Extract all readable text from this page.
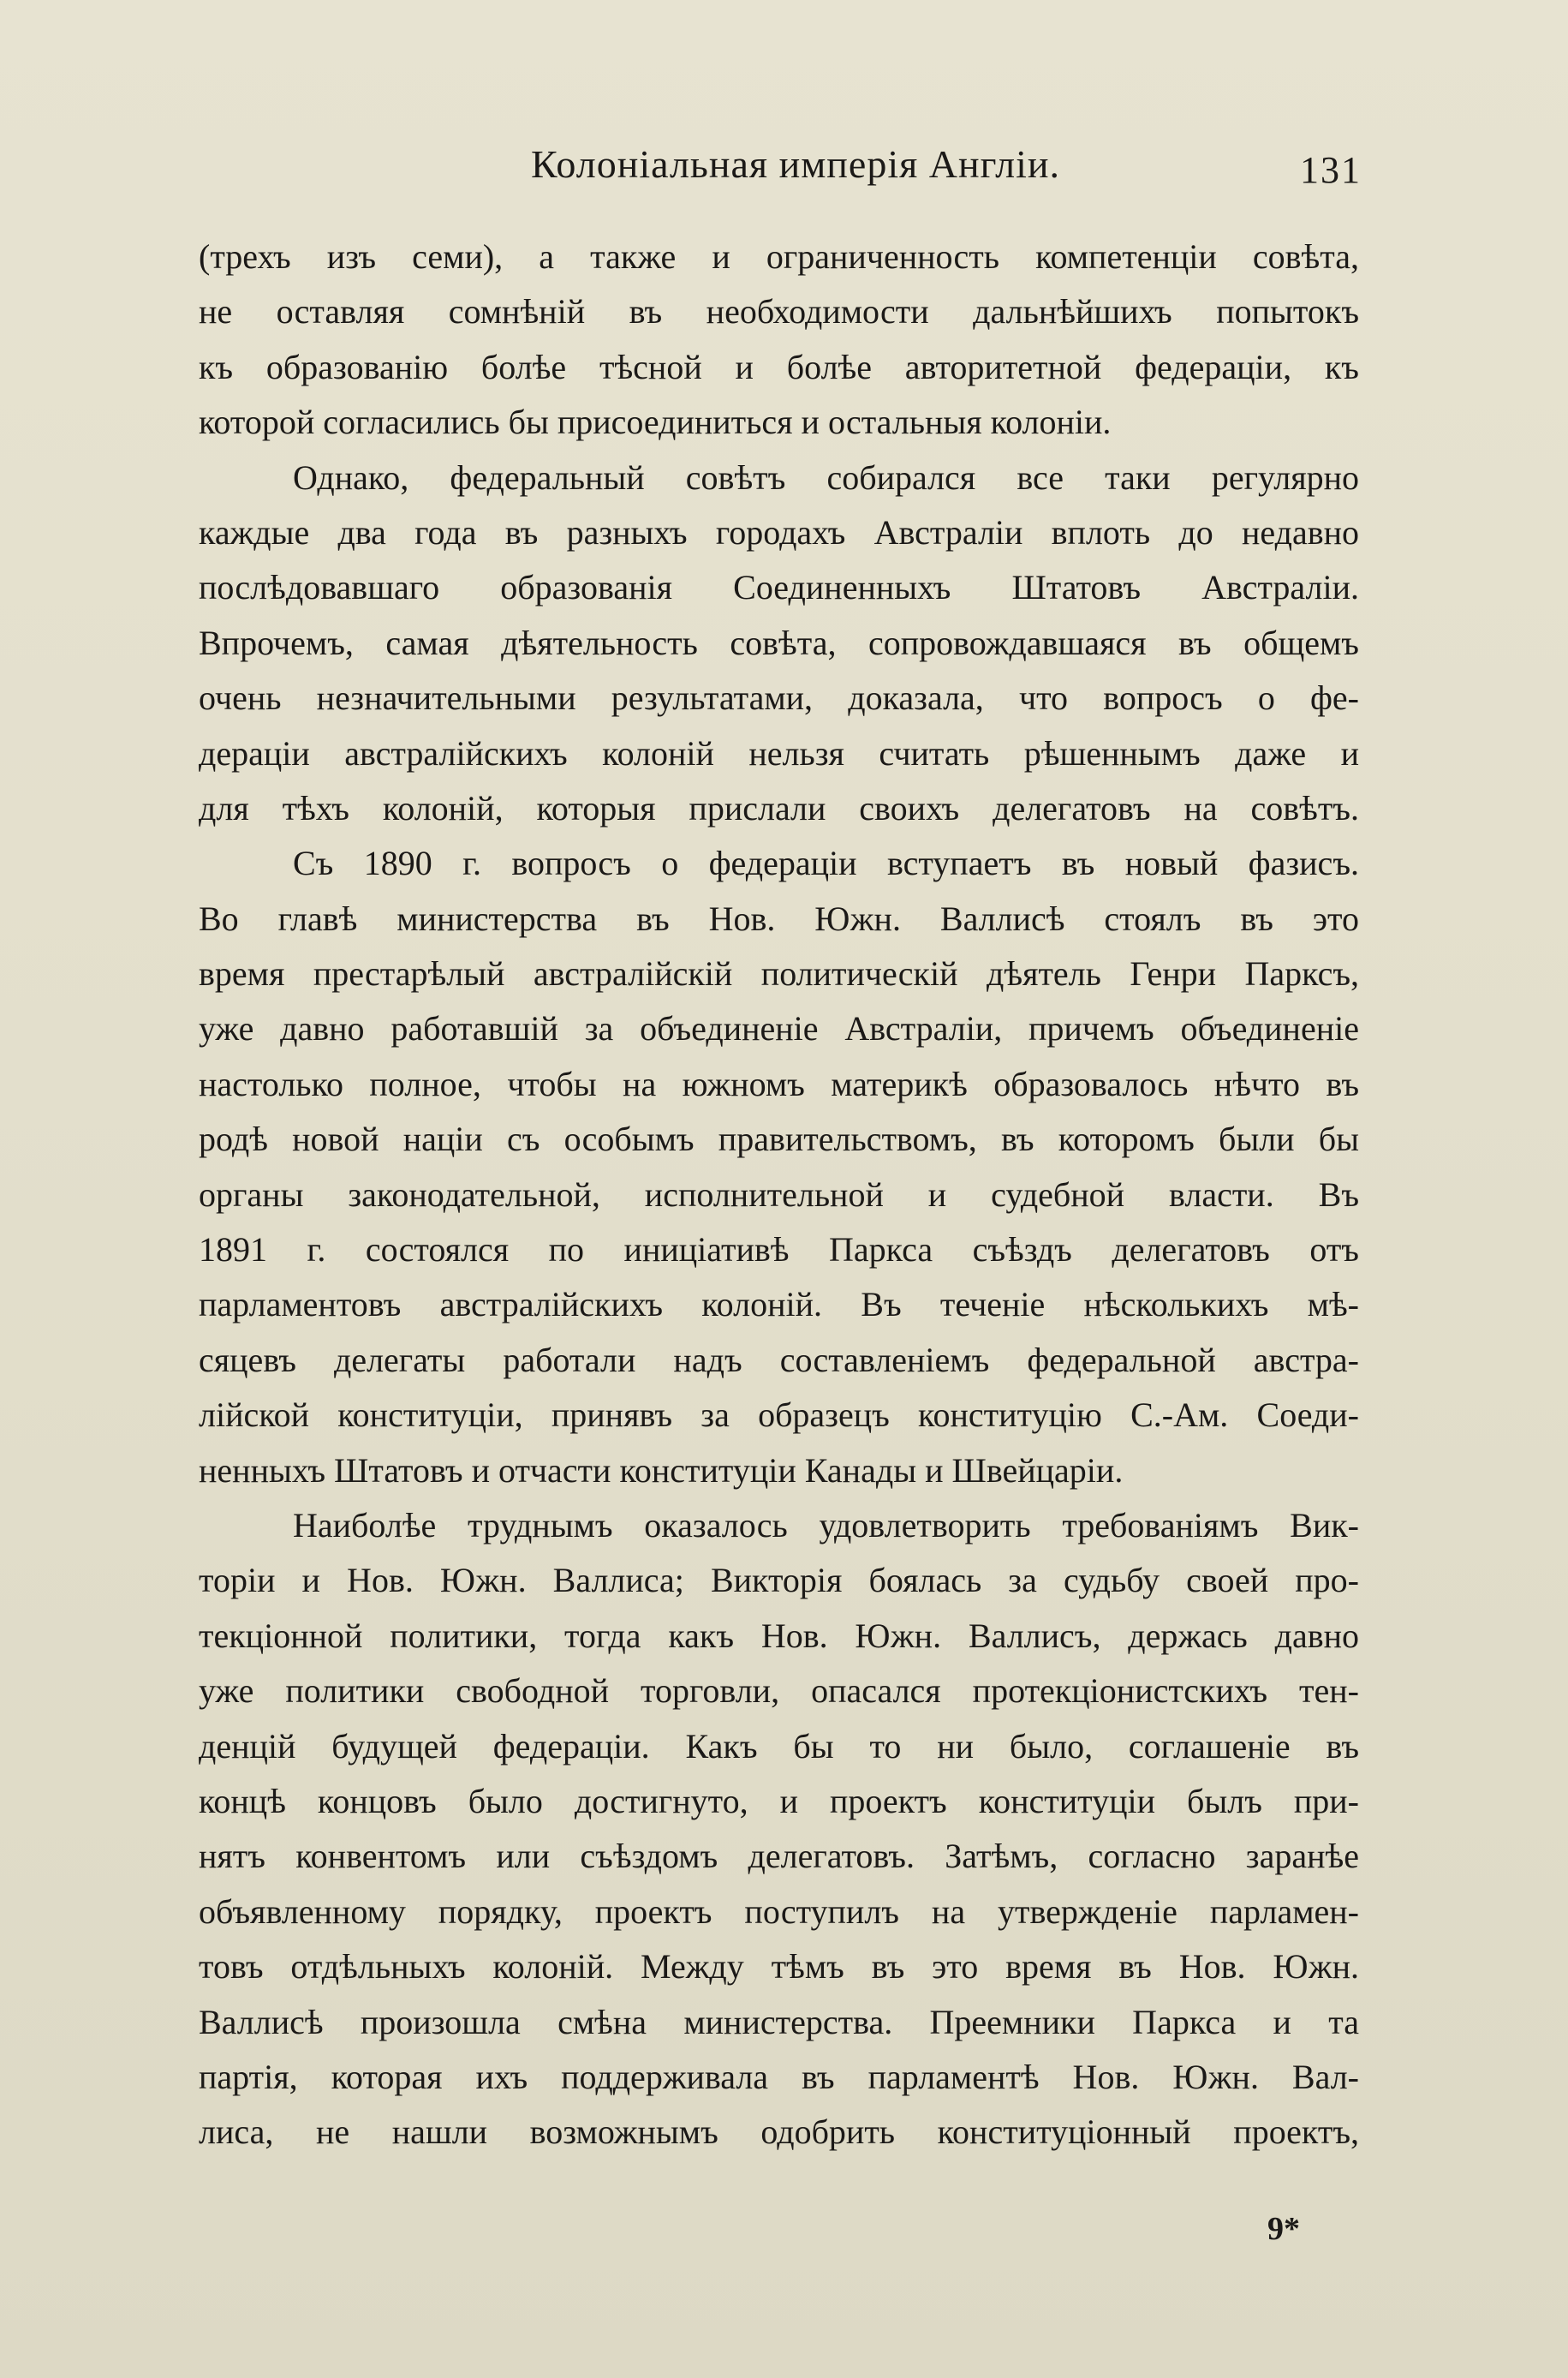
Колоніальная имперія Англіи.	131
(трехъ изъ семи), а также и ограниченность компетенціи совѣта,
не оставляя сомнѣній въ необходимости дальнѣйшихъ попытокъ
къ образованію болѣе тѣсной и болѣе авторитетной федераціи, къ
которой согласились бы присоединиться и остальныя колоніи.
Однако, федеральный совѣтъ собирался все таки регулярно
каждые два года въ разныхъ городахъ Австраліи вплоть до недавно
послѣдовавшаго образованія Соединенныхъ Штатовъ Австраліи.
Впрочемъ, самая дѣятельность совѣта, сопровождавшаяся въ общемъ
очень незначительными результатами, доказала, что вопросъ о фе-
дераціи австралійскихъ колоній нельзя считать рѣшеннымъ даже и
для тѣхъ колоній, которыя прислали своихъ делегатовъ на совѣтъ.
Съ 1890 г. вопросъ о федераціи вступаетъ въ новый фазисъ.
Во главѣ министерства въ Нов. Южн. Валлисѣ стоялъ въ это
время престарѣлый австралійскій политическій дѣятель Генри Парксъ,
уже давно работавшій за объединеніе Австраліи, причемъ объединеніе
настолько полное, чтобы на южномъ материкѣ образовалось нѣчто въ
родѣ новой націи съ особымъ правительствомъ, въ которомъ были бы
органы законодательной, исполнительной и судебной власти. Въ
1891 г. состоялся по иниціативѣ Паркса съѣздъ делегатовъ отъ
парламентовъ австралійскихъ колоній. Въ теченіе нѣсколькихъ мѣ-
сяцевъ делегаты работали надъ составленіемъ федеральной австра-
лійской конституціи, принявъ за образецъ конституцію С.-Ам. Соеди-
ненныхъ Штатовъ и отчасти конституціи Канады и Швейцаріи.
Наиболѣе труднымъ оказалось удовлетворить требованіямъ Вик-
торіи и Нов. Южн. Валлиса; Викторія боялась за судьбу своей про-
текціонной политики, тогда какъ Нов. Южн. Валлисъ, держась давно
уже политики свободной торговли, опасался протекціонистскихъ тен-
денцій будущей федераціи. Какъ бы то ни было, соглашеніе въ
концѣ концовъ было достигнуто, и проектъ конституціи былъ при-
нятъ конвентомъ или съѣздомъ делегатовъ. Затѣмъ, согласно заранѣе
объявленному порядку, проектъ поступилъ на утвержденіе парламен-
товъ отдѣльныхъ колоній. Между тѣмъ въ это время въ Нов. Южн.
Валлисѣ произошла смѣна министерства. Преемники Паркса и та
партія, которая ихъ поддерживала въ парламентѣ Нов. Южн. Вал-
лиса, не нашли возможнымъ одобрить конституціонный проектъ,
9*
